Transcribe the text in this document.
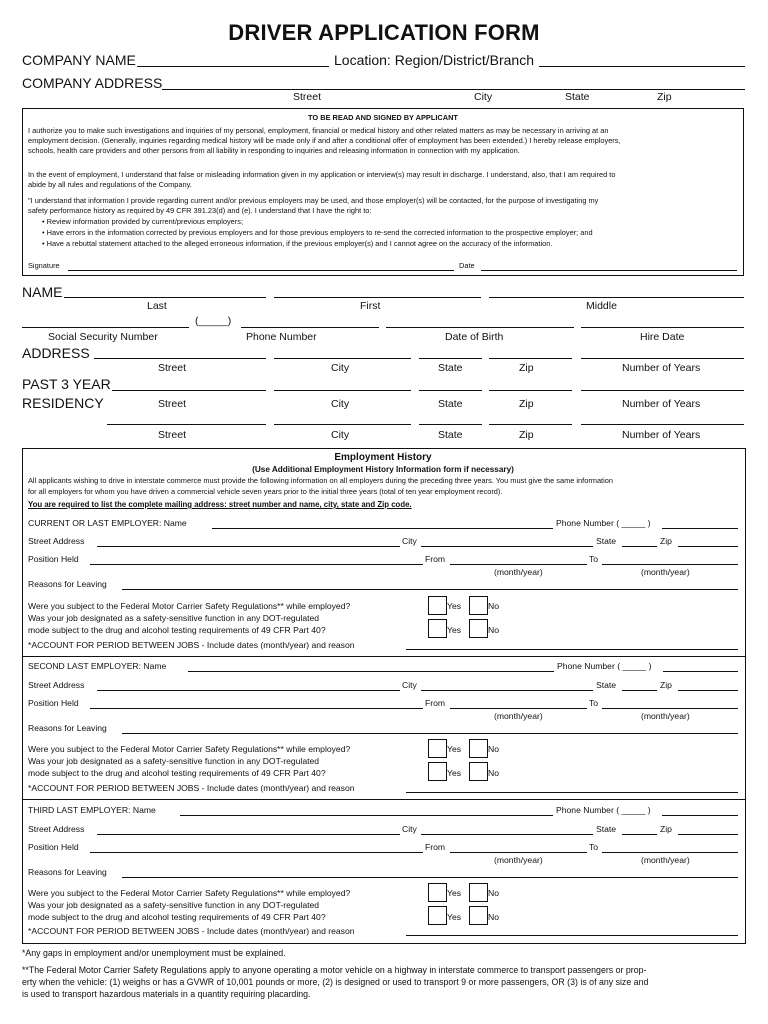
DRIVER APPLICATION FORM
COMPANY NAME	Location: Region/District/Branch
COMPANY ADDRESS
Street	City	State	Zip
TO BE READ AND SIGNED BY APPLICANT
I authorize you to make such investigations and inquiries of my personal, employment, financial or medical history and other related matters as may be necessary in arriving at an
employment decision. (Generally, inquiries regarding medical history will be made only if and after a conditional offer of employment has been extended.) I hereby release employers,
schools, health care providers and other persons from all liability in responding to inquiries and releasing information in connection with my application.
In the event of employment, I understand that false or misleading information given in my application or interview(s) may result in discharge. I understand, also, that I am required to
abide by all rules and regulations of the Company.
"I understand that information I provide regarding current and/or previous employers may be used, and those employer(s) will be contacted, for the purpose of investigating my
safety performance history as required by 49 CFR 391.23(d) and (e). I understand that I have the right to:
• Review information provided by current/previous employers;
• Have errors in the information corrected by previous employers and for those previous employers to re-send the corrected information to the prospective employer; and
• Have a rebuttal statement attached to the alleged erroneous information, if the previous employer(s) and I cannot agree on the accuracy of the information.
Signature	Date
NAME
Last	First	Middle
(_____)
Social Security Number	Phone Number	Date of Birth	Hire Date
ADDRESS
Street	City	State	Zip	Number of Years
PAST 3 YEAR
RESIDENCY	Street	City	State	Zip	Number of Years
Street	City	State	Zip	Number of Years
Employment History
(Use Additional Employment History Information form if necessary)
All applicants wishing to drive in interstate commerce must provide the following information on all employers during the preceding three years. You must give the same information
for all employers for whom you have driven a commercial vehicle seven years prior to the initial three years (total of ten year employment record).
You are required to list the complete mailing address: street number and name, city, state and Zip code.
CURRENT OR LAST EMPLOYER: Name	Phone Number ( _____ )
Street Address	City	State	Zip
Position Held	From	To
(month/year)	(month/year)
Reasons for Leaving
Were you subject to the Federal Motor Carrier Safety Regulations** while employed?	Yes	No
Was your job designated as a safety-sensitive function in any DOT-regulated
mode subject to the drug and alcohol testing requirements of 49 CFR Part 40?	Yes	No
*ACCOUNT FOR PERIOD BETWEEN JOBS - Include dates (month/year) and reason
SECOND LAST EMPLOYER: Name	Phone Number ( _____ )
Street Address	City	State	Zip
Position Held	From	To
(month/year)	(month/year)
Reasons for Leaving
Were you subject to the Federal Motor Carrier Safety Regulations** while employed?	Yes	No
Was your job designated as a safety-sensitive function in any DOT-regulated
mode subject to the drug and alcohol testing requirements of 49 CFR Part 40?	Yes	No
*ACCOUNT FOR PERIOD BETWEEN JOBS - Include dates (month/year) and reason
THIRD LAST EMPLOYER: Name	Phone Number ( _____ )
Street Address	City	State	Zip
Position Held	From	To
(month/year)	(month/year)
Reasons for Leaving
Were you subject to the Federal Motor Carrier Safety Regulations** while employed?	Yes	No
Was your job designated as a safety-sensitive function in any DOT-regulated
mode subject to the drug and alcohol testing requirements of 49 CFR Part 40?	Yes	No
*ACCOUNT FOR PERIOD BETWEEN JOBS - Include dates (month/year) and reason
*Any gaps in employment and/or unemployment must be explained.
**The Federal Motor Carrier Safety Regulations apply to anyone operating a motor vehicle on a highway in interstate commerce to transport passengers or prop-
erty when the vehicle: (1) weighs or has a GVWR of 10,001 pounds or more, (2) is designed or used to transport 9 or more passengers, OR (3) is of any size and
is used to transport hazardous materials in a quantity requiring placarding.
